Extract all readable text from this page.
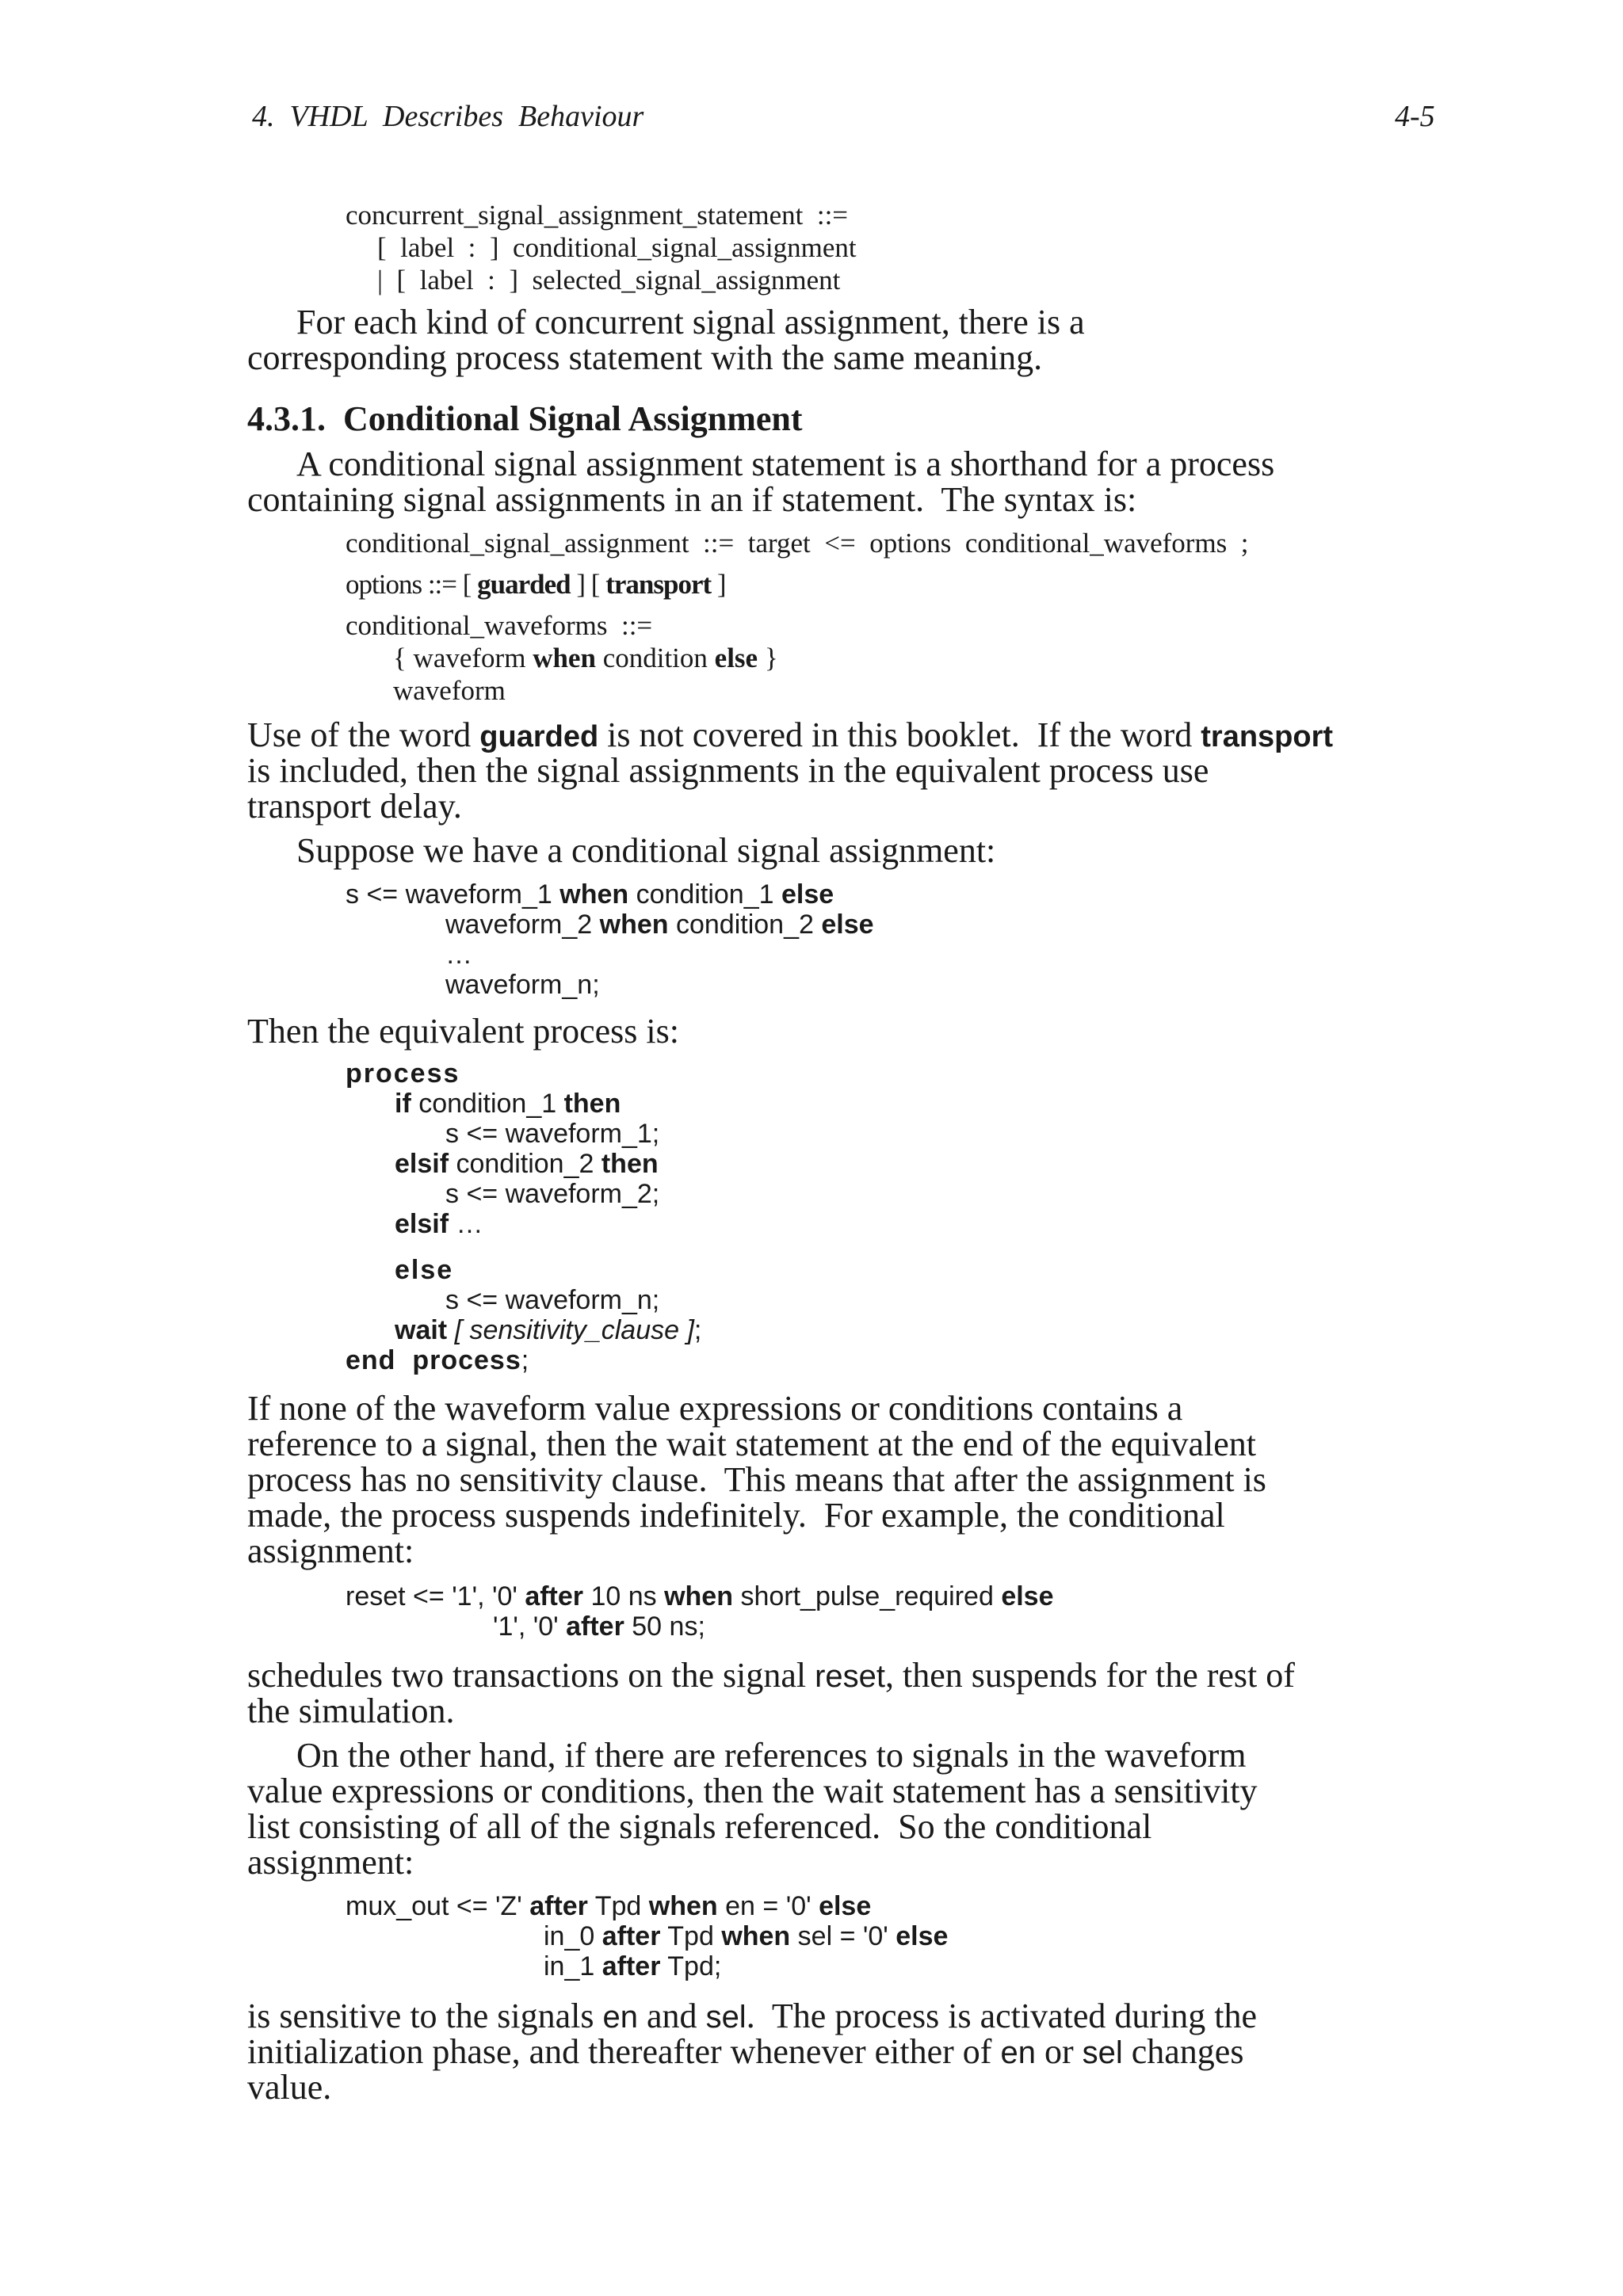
4.  VHDL  Describes  Behaviour	4-5
concurrent_signal_assignment_statement  ::=
[  label  :  ]  conditional_signal_assignment
|  [  label  :  ]  selected_signal_assignment
For each kind of concurrent signal assignment, there is a
corresponding process statement with the same meaning.
4.3.1.  Conditional Signal Assignment
A conditional signal assignment statement is a shorthand for a process
containing signal assignments in an if statement.  The syntax is:
conditional_signal_assignment  ::=  target  <=  options  conditional_waveforms  ;
options ::= [ guarded ] [ transport ]
conditional_waveforms  ::=
{ waveform when condition else }
waveform
Use of the word guarded is not covered in this booklet.  If the word transport
is included, then the signal assignments in the equivalent process use
transport delay.
Suppose we have a conditional signal assignment:
s <= waveform_1 when condition_1 else
waveform_2 when condition_2 else
…
waveform_n;
Then the equivalent process is:
process
if condition_1 then
s <= waveform_1;
elsif condition_2 then
s <= waveform_2;
elsif …
else
s <= waveform_n;
wait [ sensitivity_clause ];
end  process;
If none of the waveform value expressions or conditions contains a
reference to a signal, then the wait statement at the end of the equivalent
process has no sensitivity clause.  This means that after the assignment is
made, the process suspends indefinitely.  For example, the conditional
assignment:
reset <= '1', '0' after 10 ns when short_pulse_required else
'1', '0' after 50 ns;
schedules two transactions on the signal reset, then suspends for the rest of
the simulation.
On the other hand, if there are references to signals in the waveform
value expressions or conditions, then the wait statement has a sensitivity
list consisting of all of the signals referenced.  So the conditional
assignment:
mux_out <= 'Z' after Tpd when en = '0' else
in_0 after Tpd when sel = '0' else
in_1 after Tpd;
is sensitive to the signals en and sel.  The process is activated during the
initialization phase, and thereafter whenever either of en or sel changes
value.
